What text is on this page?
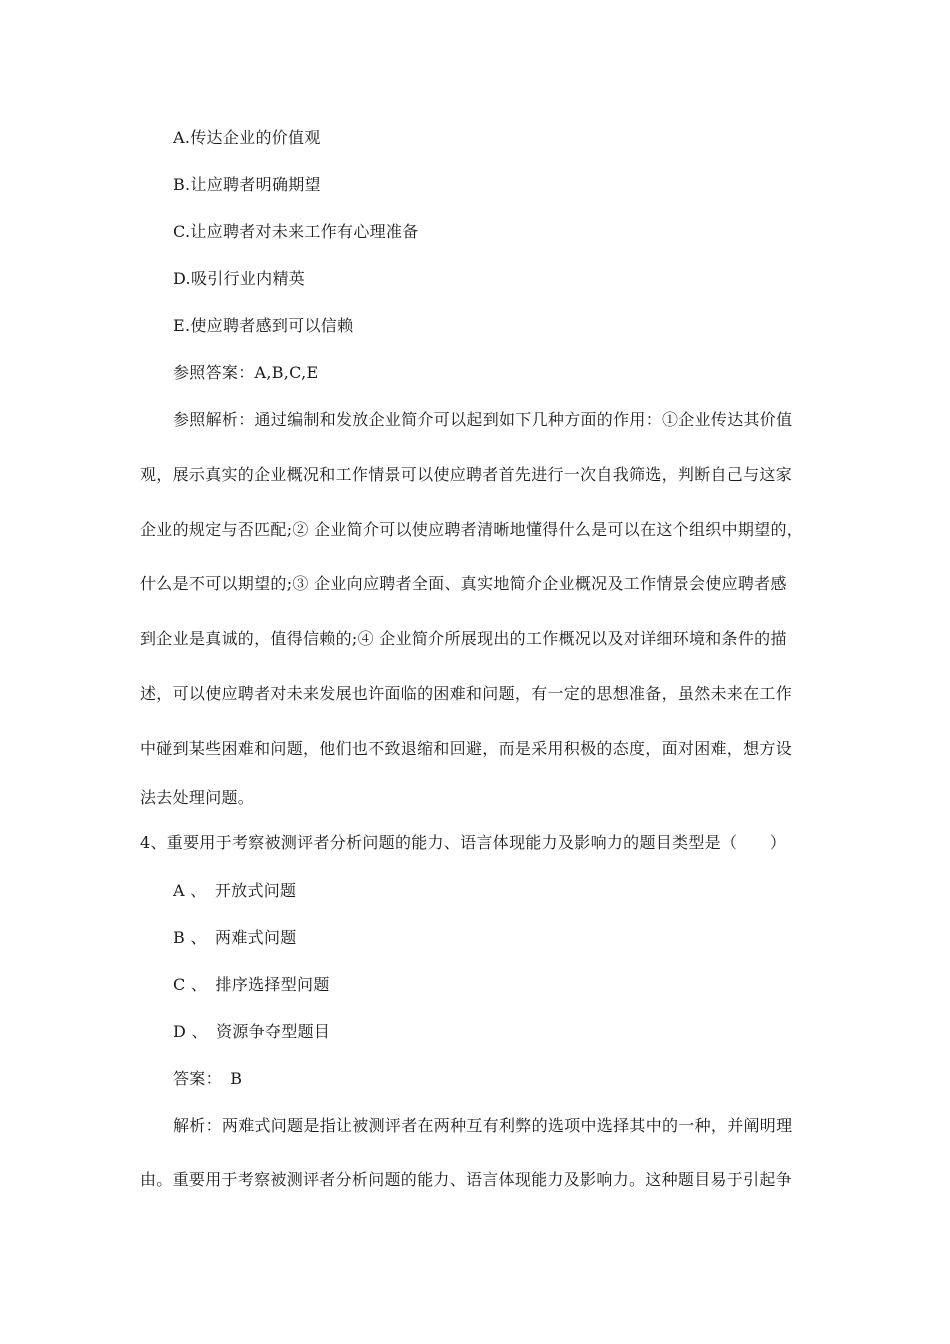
A.传达企业的价值观
B.让应聘者明确期望
C.让应聘者对未来工作有心理准备
D.吸引行业内精英
E.使应聘者感到可以信赖
参照答案：A,B,C,E
参照解析：通过编制和发放企业简介可以起到如下几种方面的作用：①企业传达其价值
观，展示真实的企业概况和工作情景可以使应聘者首先进行一次自我筛选，判断自己与这家
企业的规定与否匹配;② 企业简介可以使应聘者清晰地懂得什么是可以在这个组织中期望的，
什么是不可以期望的;③ 企业向应聘者全面、真实地简介企业概况及工作情景会使应聘者感
到企业是真诚的，值得信赖的;④ 企业简介所展现出的工作概况以及对详细环境和条件的描
述，可以使应聘者对未来发展也许面临的困难和问题，有一定的思想准备，虽然未来在工作
中碰到某些困难和问题，他们也不致退缩和回避，而是采用积极的态度，面对困难，想方设
法去处理问题。
4、重要用于考察被测评者分析问题的能力、语言体现能力及影响力的题目类型是（　　）
A 、　开放式问题
B 、　两难式问题
C 、　排序选择型问题
D 、　资源争夺型题目
答案：　B
解析：两难式问题是指让被测评者在两种互有利弊的选项中选择其中的一种，并阐明理
由。重要用于考察被测评者分析问题的能力、语言体现能力及影响力。这种题目易于引起争
